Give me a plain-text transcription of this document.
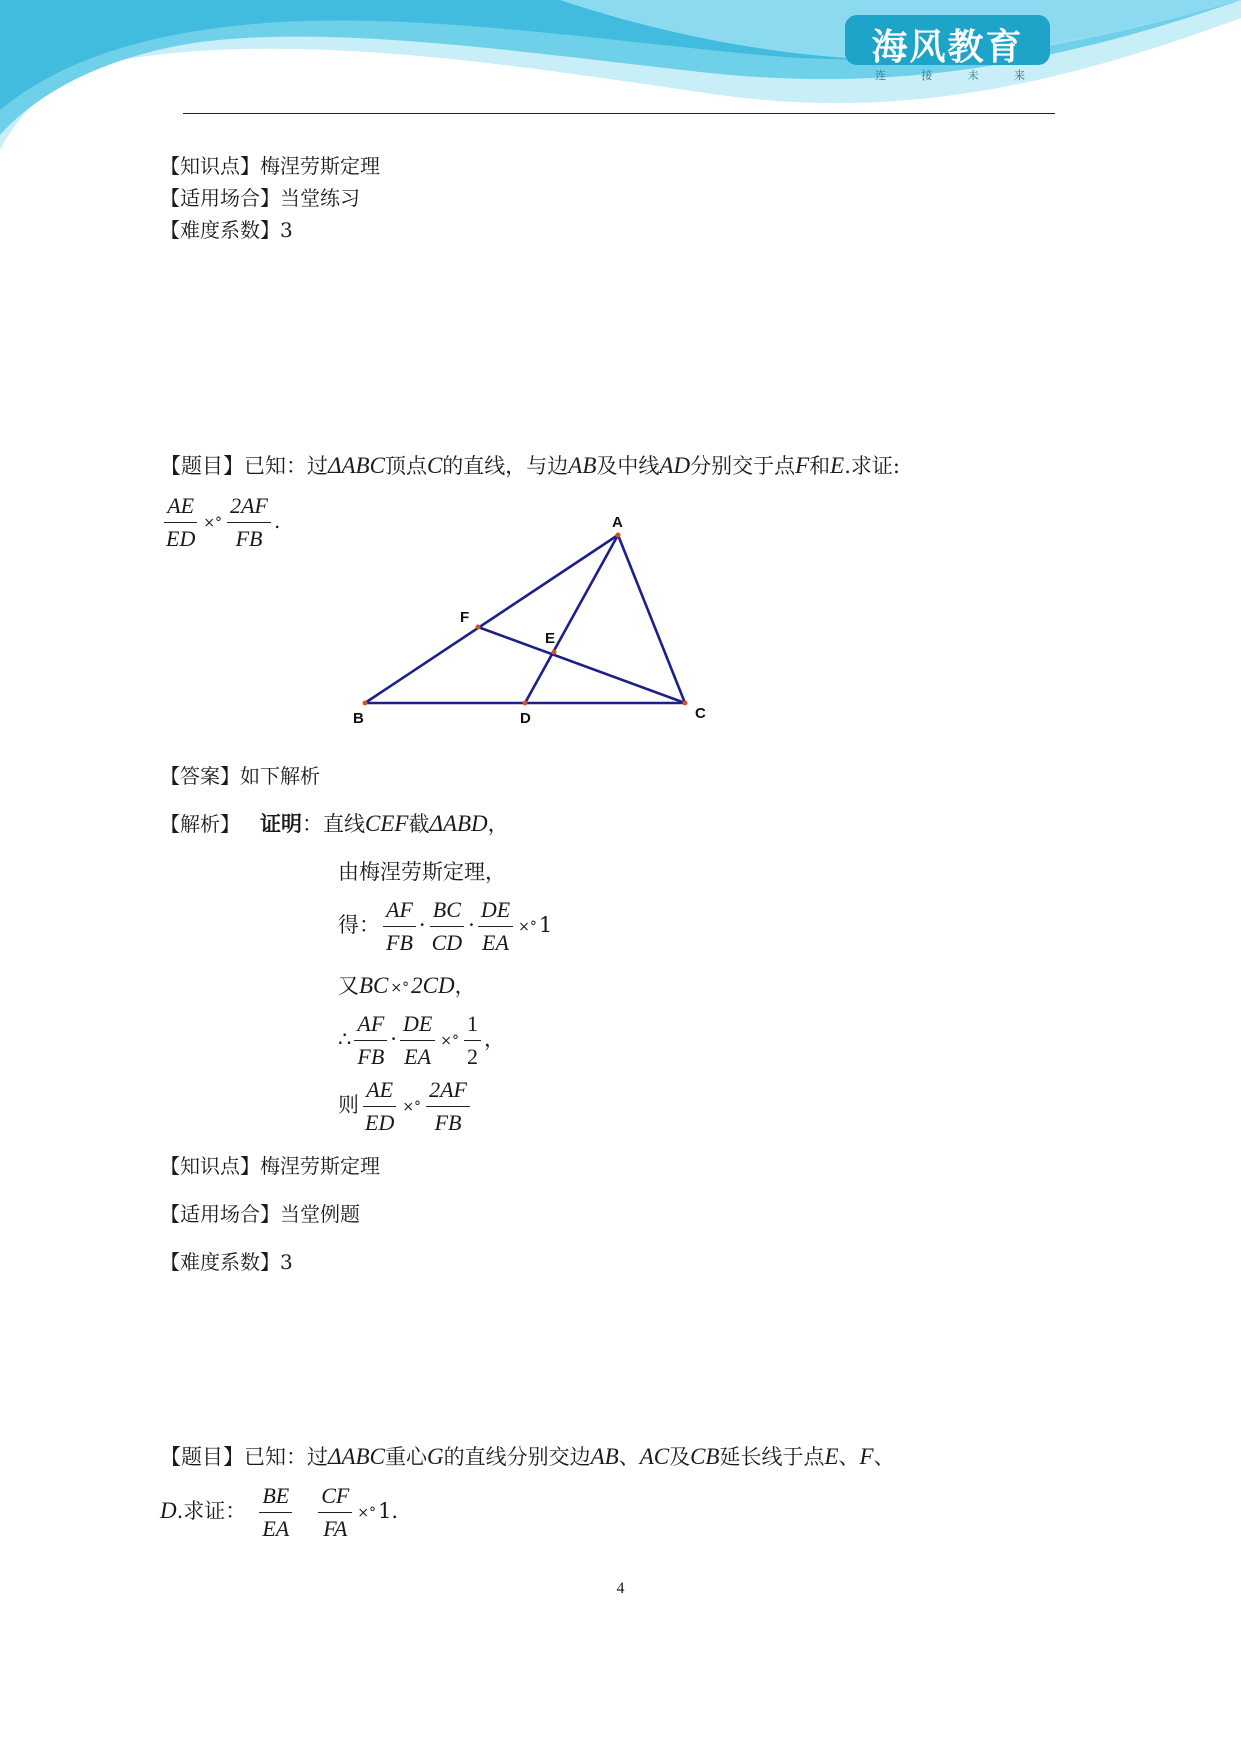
海风教育
连	接	未	来
【知识点】梅涅劳斯定理
【适用场合】当堂练习
【难度系数】3
【题目】已知：过ΔABC顶点C的直线，与边AB及中线AD分别交于点F和E.求证:
$\frac{AE}{ED}$ ×° $\frac{2AF}{FB}$ .	A
B	C
D
E
F
【答案】如下解析
【解析】 证明：直线CEF截ΔABD，
由梅涅劳斯定理，
得： $\frac{AF}{FB} \cdot \frac{BC}{CD} \cdot \frac{DE}{EA} \times^\circ 1$
又BC ×°2CD，
∴ $\frac{AF}{FB} \cdot \frac{DE}{EA}$ ×° $\frac{1}{2}$ ，
则 $\frac{AE}{ED}$ ×° $\frac{2AF}{FB}$
【知识点】梅涅劳斯定理
【适用场合】当堂例题
【难度系数】3
【题目】已知：过ΔABC重心G的直线分别交边AB、AC及CB延长线于点E、F、
D.求证： $\frac{BE}{EA} \frac{CF}{FA} \times^\circ 1$.
4
